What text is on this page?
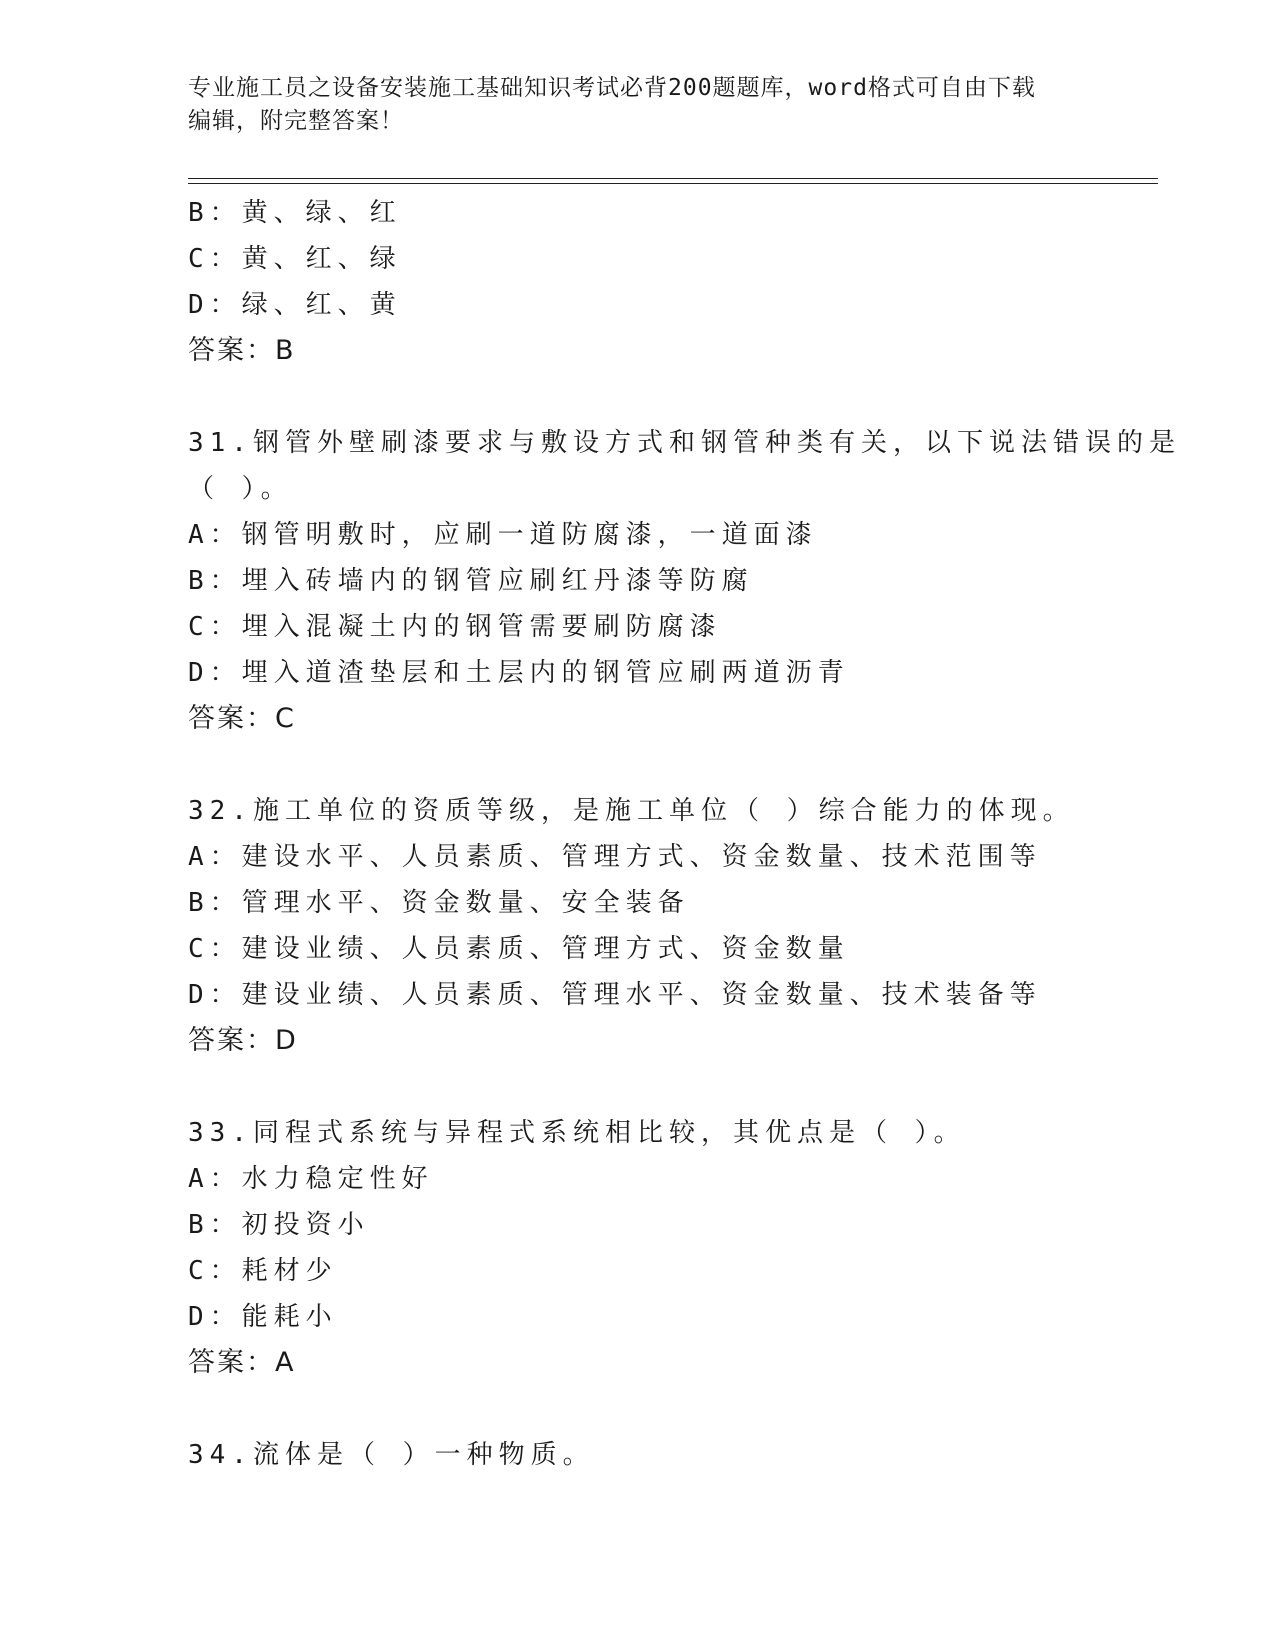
专业施工员之设备安装施工基础知识考试必背200题题库，word格式可自由下载
编辑，附完整答案！
B：黄、绿、红
C：黄、红、绿
D：绿、红、黄
答案：B
31.钢管外壁刷漆要求与敷设方式和钢管种类有关，以下说法错误的是
（ ）。
A：钢管明敷时，应刷一道防腐漆，一道面漆
B：埋入砖墙内的钢管应刷红丹漆等防腐
C：埋入混凝土内的钢管需要刷防腐漆
D：埋入道渣垫层和土层内的钢管应刷两道沥青
答案：C
32.施工单位的资质等级，是施工单位（ ）综合能力的体现。
A：建设水平、人员素质、管理方式、资金数量、技术范围等
B：管理水平、资金数量、安全装备
C：建设业绩、人员素质、管理方式、资金数量
D：建设业绩、人员素质、管理水平、资金数量、技术装备等
答案：D
33.同程式系统与异程式系统相比较，其优点是（ ）。
A：水力稳定性好
B：初投资小
C：耗材少
D：能耗小
答案：A
34.流体是（ ）一种物质。
